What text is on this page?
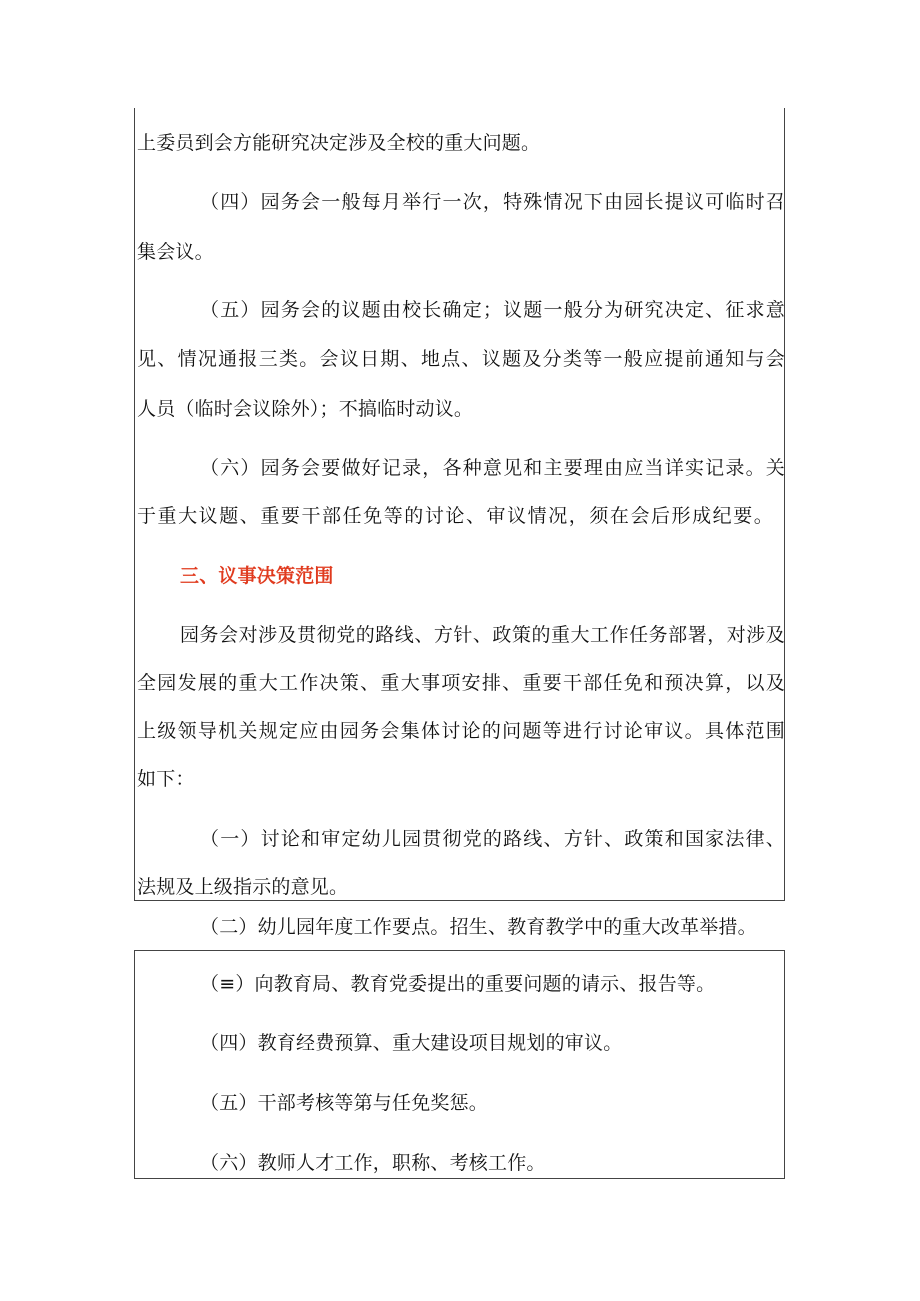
上委员到会方能研究决定涉及全校的重大问题。
（四）园务会一般每月举行一次，特殊情况下由园长提议可临时召
集会议。
（五）园务会的议题由校长确定；议题一般分为研究决定、征求意
见、情况通报三类。会议日期、地点、议题及分类等一般应提前通知与会
人员（临时会议除外）；不搞临时动议。
（六）园务会要做好记录，各种意见和主要理由应当详实记录。关
于重大议题、重要干部任免等的讨论、审议情况，须在会后形成纪要。
三、议事决策范围
园务会对涉及贯彻党的路线、方针、政策的重大工作任务部署，对涉及
全园发展的重大工作决策、重大事项安排、重要干部任免和预决算，以及
上级领导机关规定应由园务会集体讨论的问题等进行讨论审议。具体范围
如下：
（一）讨论和审定幼儿园贯彻党的路线、方针、政策和国家法律、
法规及上级指示的意见。
（二）幼儿园年度工作要点。招生、教育教学中的重大改革举措。
（≡）向教育局、教育党委提出的重要问题的请示、报告等。
（四）教育经费预算、重大建设项目规划的审议。
（五）干部考核等第与任免奖惩。
（六）教师人才工作，职称、考核工作。
